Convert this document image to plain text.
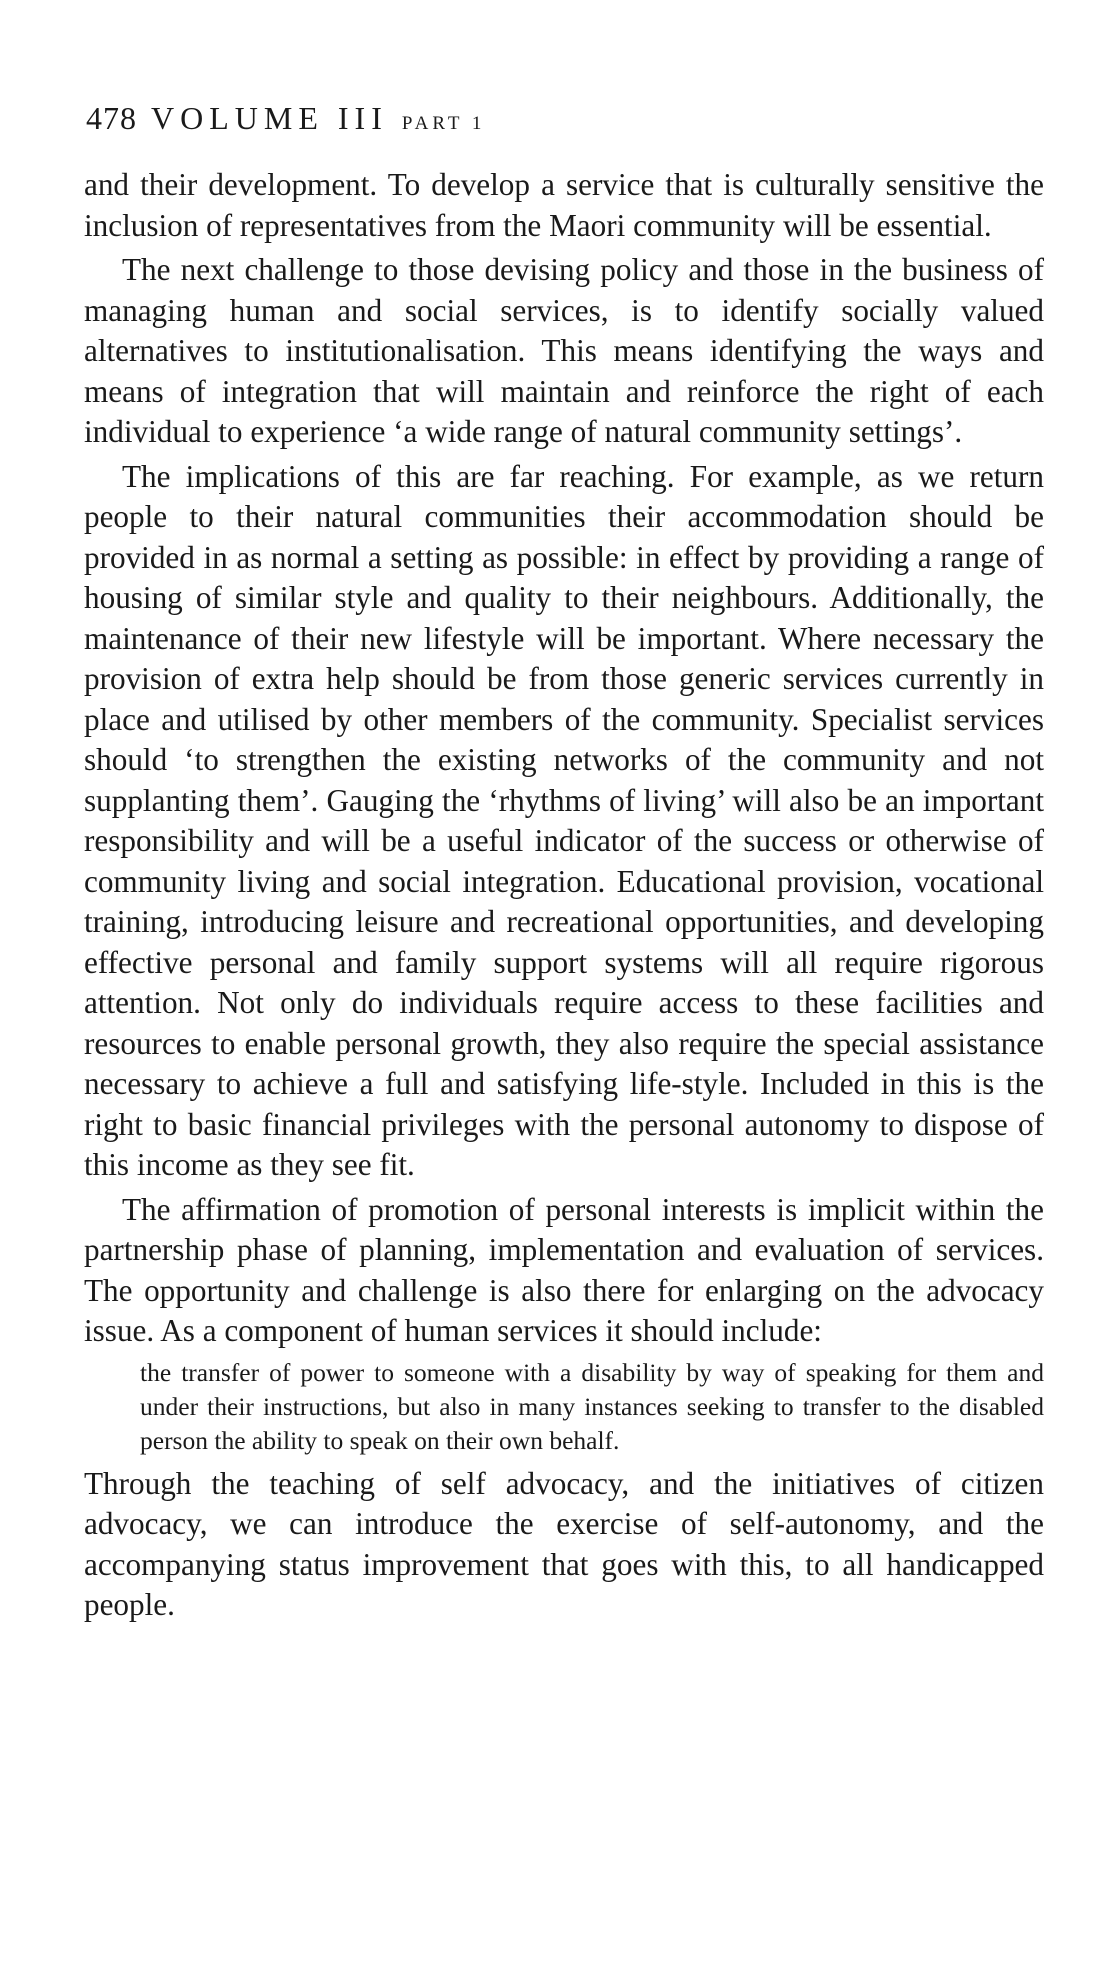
478 VOLUME III PART 1

and their development. To develop a service that is culturally sensitive the inclusion of representatives from the Maori community will be essential.

The next challenge to those devising policy and those in the business of managing human and social services, is to identify socially valued alternatives to institutionalisation. This means identifying the ways and means of integration that will maintain and reinforce the right of each individual to experience ‘a wide range of natural community settings’.

The implications of this are far reaching. For example, as we return people to their natural communities their accommodation should be provided in as normal a setting as possible: in effect by providing a range of housing of similar style and quality to their neighbours. Additionally, the maintenance of their new lifestyle will be important. Where necessary the provision of extra help should be from those generic services currently in place and utilised by other members of the community. Specialist services should ‘to strengthen the existing networks of the community and not supplanting them’. Gauging the ‘rhythms of living’ will also be an important responsibility and will be a useful indicator of the success or otherwise of community living and social integration. Educational provision, vocational training, introducing leisure and recreational opportunities, and developing effective personal and family support systems will all require rigorous attention. Not only do individuals require access to these facilities and resources to enable personal growth, they also require the special assistance necessary to achieve a full and satisfying life-style. Included in this is the right to basic financial privileges with the personal autonomy to dispose of this income as they see fit.

The affirmation of promotion of personal interests is implicit within the partnership phase of planning, implementation and evaluation of services. The opportunity and challenge is also there for enlarging on the advocacy issue. As a component of human services it should include:

the transfer of power to someone with a disability by way of speaking for them and under their instructions, but also in many instances seeking to transfer to the disabled person the ability to speak on their own behalf.

Through the teaching of self advocacy, and the initiatives of citizen advocacy, we can introduce the exercise of self-autonomy, and the accompanying status improvement that goes with this, to all handicapped people.
